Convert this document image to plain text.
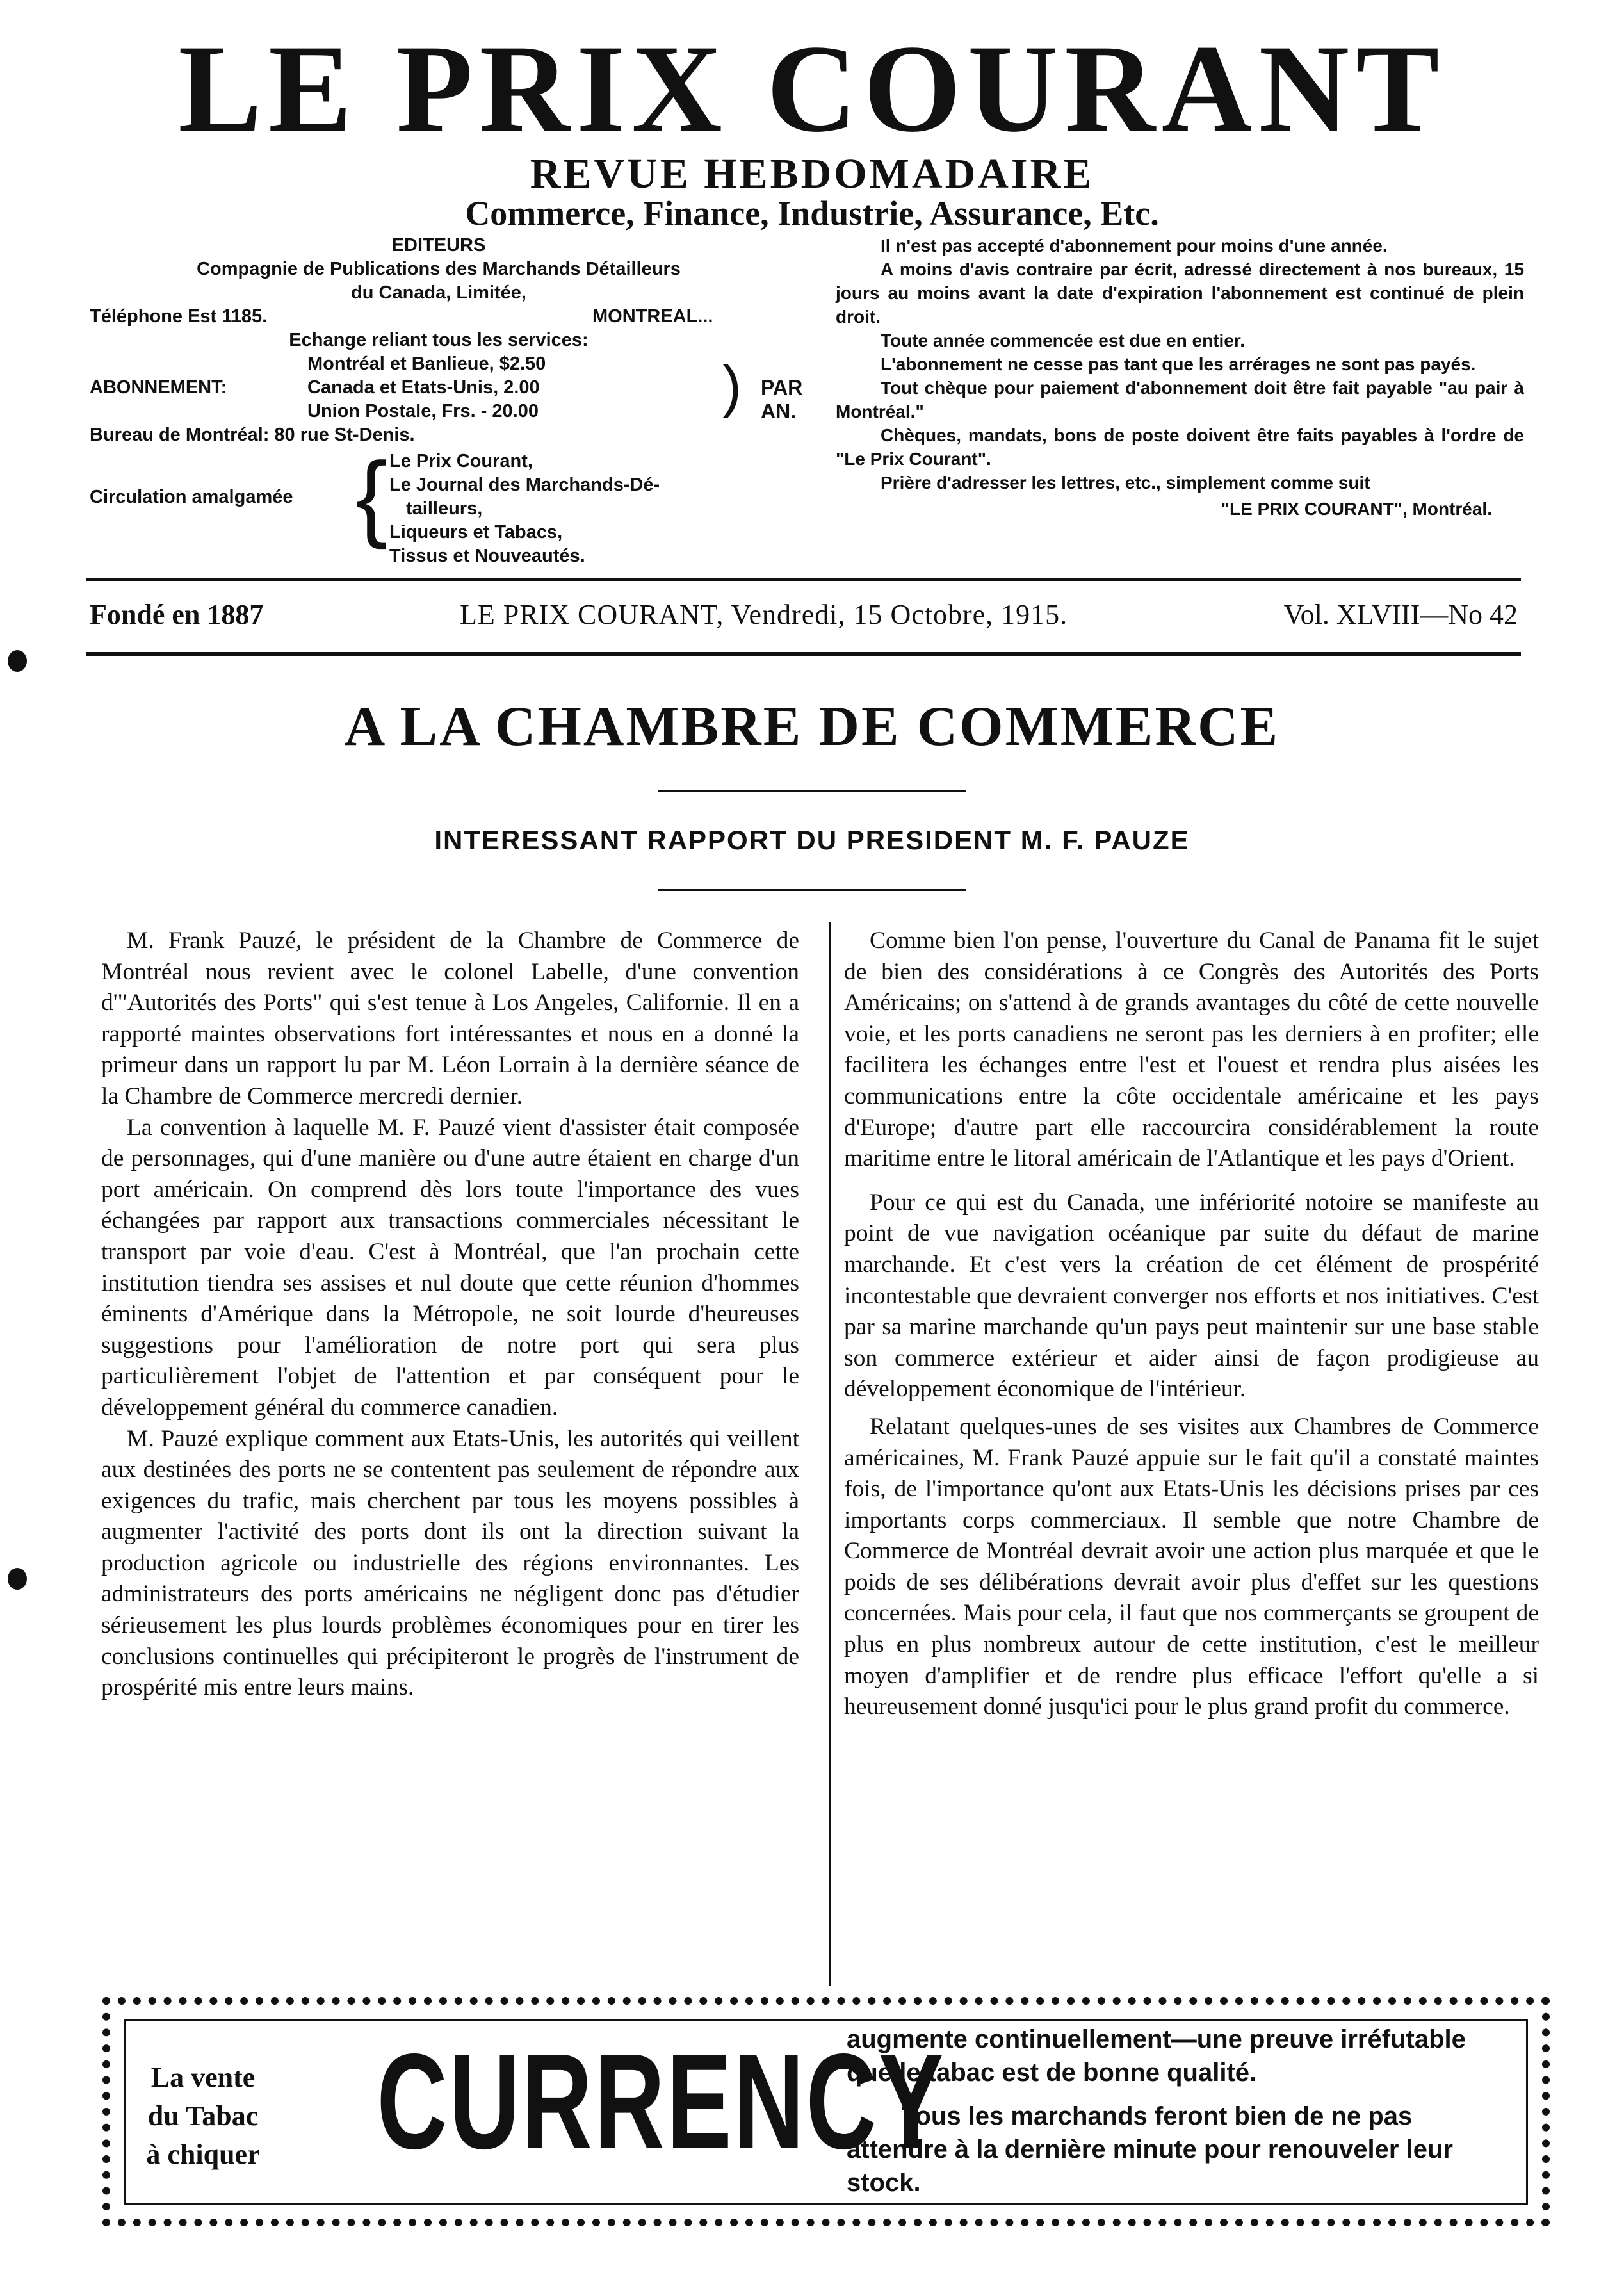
LE PRIX COURANT
REVUE HEBDOMADAIRE
Commerce, Finance, Industrie, Assurance, Etc.
EDITEURS
Compagnie de Publications des Marchands Détailleurs
du Canada, Limitée,
Téléphone Est 1185.	MONTREAL...
Echange reliant tous les services:
ABONNEMENT:
Montréal et Banlieue, $2.50
Canada et Etats-Unis, 2.00
Union Postale, Frs. - 20.00	) PAR AN.
Bureau de Montréal: 80 rue St-Denis.
Circulation amalgamée { Le Prix Courant,
Le Journal des Marchands-Dé-
tailleurs,
Liqueurs et Tabacs,
Tissus et Nouveautés.

Il n'est pas accepté d'abonnement pour moins d'une année.

A moins d'avis contraire par écrit, adressé directement à nos bureaux, 15 jours au moins avant la date d'expiration l'abonnement est continué de plein droit.

Toute année commencée est due en entier.

L'abonnement ne cesse pas tant que les arrérages ne sont pas payés.

Tout chèque pour paiement d'abonnement doit être fait payable "au pair à Montréal."

Chèques, mandats, bons de poste doivent être faits payables à l'ordre de "Le Prix Courant".

Prière d'adresser les lettres, etc., simplement comme suit

"LE PRIX COURANT", Montréal.
Fondé en 1887	LE PRIX COURANT, Vendredi, 15 Octobre, 1915.	Vol. XLVIII—No 42
A LA CHAMBRE DE COMMERCE
INTERESSANT RAPPORT DU PRESIDENT M. F. PAUZE

M. Frank Pauzé, le président de la Chambre de Commerce de Montréal nous revient avec le colonel Labelle, d'une convention d'"Autorités des Ports" qui s'est tenue à Los Angeles, Californie. Il en a rapporté maintes observations fort intéressantes et nous en a donné la primeur dans un rapport lu par M. Léon Lorrain à la dernière séance de la Chambre de Commerce mercredi dernier.

La convention à laquelle M. F. Pauzé vient d'assister était composée de personnages, qui d'une manière ou d'une autre étaient en charge d'un port américain. On comprend dès lors toute l'importance des vues échangées par rapport aux transactions commerciales nécessitant le transport par voie d'eau. C'est à Montréal, que l'an prochain cette institution tiendra ses assises et nul doute que cette réunion d'hommes éminents d'Amérique dans la Métropole, ne soit lourde d'heureuses suggestions pour l'amélioration de notre port qui sera plus particulièrement l'objet de l'attention et par conséquent pour le développement général du commerce canadien.

M. Pauzé explique comment aux Etats-Unis, les autorités qui veillent aux destinées des ports ne se contentent pas seulement de répondre aux exigences du trafic, mais cherchent par tous les moyens possibles à augmenter l'activité des ports dont ils ont la direction suivant la production agricole ou industrielle des régions environnantes. Les administrateurs des ports américains ne négligent donc pas d'étudier sérieusement les plus lourds problèmes économiques pour en tirer les conclusions continuelles qui précipiteront le progrès de l'instrument de prospérité mis entre leurs mains.

Comme bien l'on pense, l'ouverture du Canal de Panama fit le sujet de bien des considérations à ce Congrès des Autorités des Ports Américains; on s'attend à de grands avantages du côté de cette nouvelle voie, et les ports canadiens ne seront pas les derniers à en profiter; elle facilitera les échanges entre l'est et l'ouest et rendra plus aisées les communications entre la côte occidentale américaine et les pays d'Europe; d'autre part elle raccourcira considérablement la route maritime entre le litoral américain de l'Atlantique et les pays d'Orient.

Pour ce qui est du Canada, une infériorité notoire se manifeste au point de vue navigation océanique par suite du défaut de marine marchande. Et c'est vers la création de cet élément de prospérité incontestable que devraient converger nos efforts et nos initiatives. C'est par sa marine marchande qu'un pays peut maintenir sur une base stable son commerce extérieur et aider ainsi de façon prodigieuse au développement économique de l'intérieur.

Relatant quelques-unes de ses visites aux Chambres de Commerce américaines, M. Frank Pauzé appuie sur le fait qu'il a constaté maintes fois, de l'importance qu'ont aux Etats-Unis les décisions prises par ces importants corps commerciaux. Il semble que notre Chambre de Commerce de Montréal devrait avoir une action plus marquée et que le poids de ses délibérations devrait avoir plus d'effet sur les questions concernées. Mais pour cela, il faut que nos commerçants se groupent de plus en plus nombreux autour de cette institution, c'est le meilleur moyen d'amplifier et de rendre plus efficace l'effort qu'elle a si heureusement donné jusqu'ici pour le plus grand profit du commerce.

La vente
du Tabac
à chiquer CURRENCY

augmente continuellement—une preuve irréfutable que le tabac est de bonne qualité.

Tous les marchands feront bien de ne pas attendre à la dernière minute pour renouveler leur stock.
